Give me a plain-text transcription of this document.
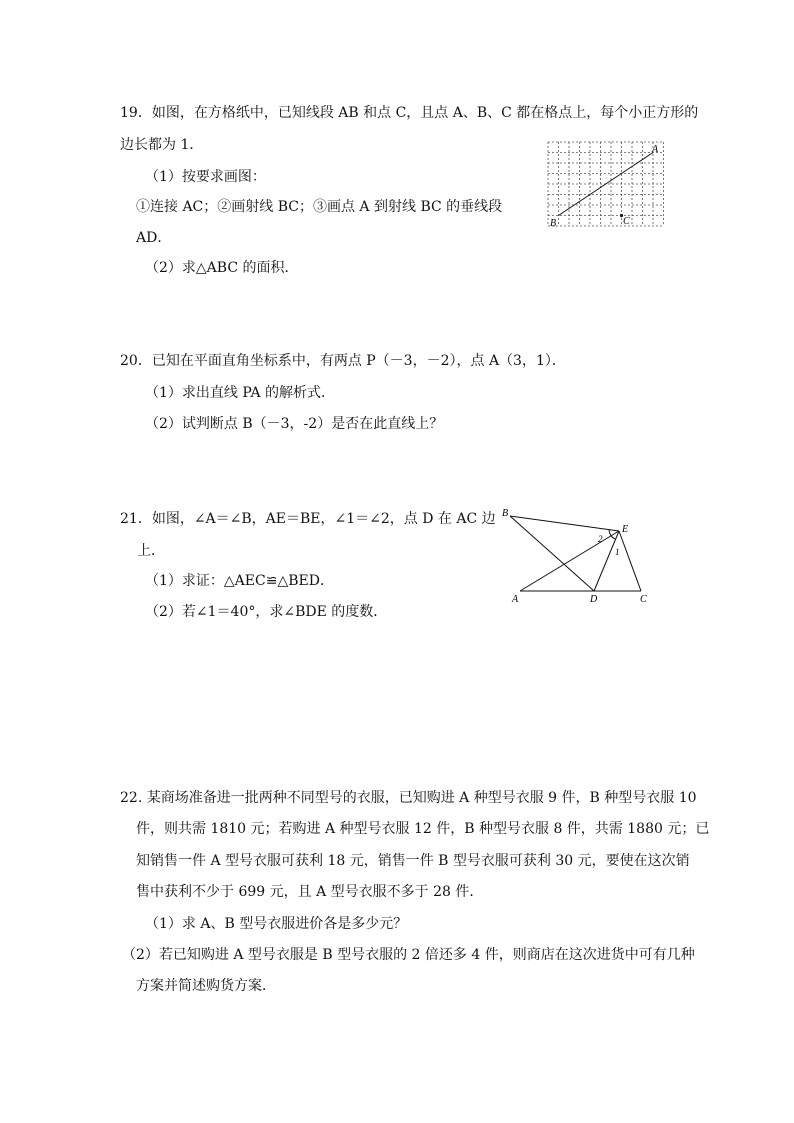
19．如图，在方格纸中，已知线段 AB 和点 C，且点 A、B、C 都在格点上，每个小正方形的
边长都为 1．
（1）按要求画图：
①连接 AC；②画射线 BC；③画点 A 到射线 BC 的垂线段
AD．
（2）求△ABC 的面积．
A
B	C
20．已知在平面直角坐标系中，有两点 P（－3，－2），点 A（3，1）．
（1）求出直线 PA 的解析式．
（2）试判断点 B（－3，-2）是否在此直线上？
21．如图，∠A＝∠B，AE＝BE，∠1＝∠2，点 D 在 AC 边
上．
（1）求证：△AEC≌△BED．
（2）若∠1＝40°，求∠BDE 的度数．
B
E
A	D	C
2
1
22. 某商场准备进一批两种不同型号的衣服，已知购进 A 种型号衣服 9 件，B 种型号衣服 10
件，则共需 1810 元；若购进 A 种型号衣服 12 件，B 种型号衣服 8 件，共需 1880 元；已
知销售一件 A 型号衣服可获利 18 元，销售一件 B 型号衣服可获利 30 元，要使在这次销
售中获利不少于 699 元，且 A 型号衣服不多于 28 件．
（1）求 A、B 型号衣服进价各是多少元？
（2）若已知购进 A 型号衣服是 B 型号衣服的 2 倍还多 4 件，则商店在这次进货中可有几种
方案并简述购货方案．
